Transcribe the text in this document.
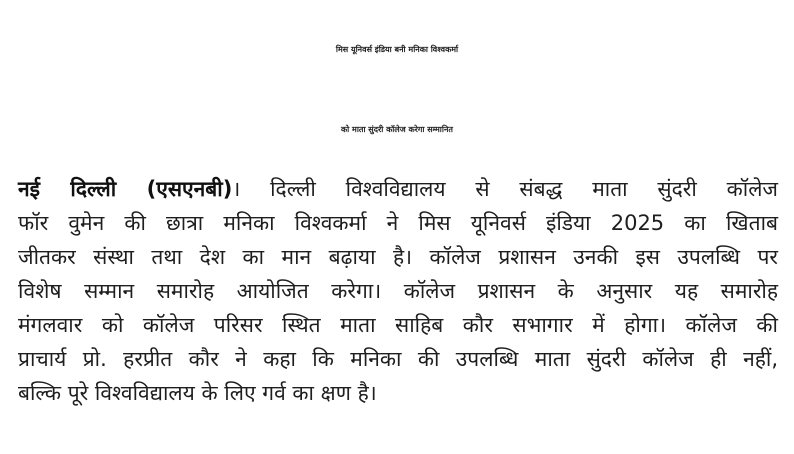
मिस यूनिवर्स इंडिया बनी मनिका विश्वकर्मा
को माता सुंदरी कॉलेज करेगा सम्मानित
नई दिल्ली (एसएनबी)। दिल्ली विश्वविद्यालय से संबद्ध माता सुंदरी कॉलेज
फॉर वुमेन की छात्रा मनिका विश्वकर्मा ने मिस यूनिवर्स इंडिया 2025 का खिताब
जीतकर संस्था तथा देश का मान बढ़ाया है। कॉलेज प्रशासन उनकी इस उपलब्धि पर
विशेष सम्मान समारोह आयोजित करेगा। कॉलेज प्रशासन के अनुसार यह समारोह
मंगलवार को कॉलेज परिसर स्थित माता साहिब कौर सभागार में होगा। कॉलेज की
प्राचार्य प्रो. हरप्रीत कौर ने कहा कि मनिका की उपलब्धि माता सुंदरी कॉलेज ही नहीं,
बल्कि पूरे विश्वविद्यालय के लिए गर्व का क्षण है।
